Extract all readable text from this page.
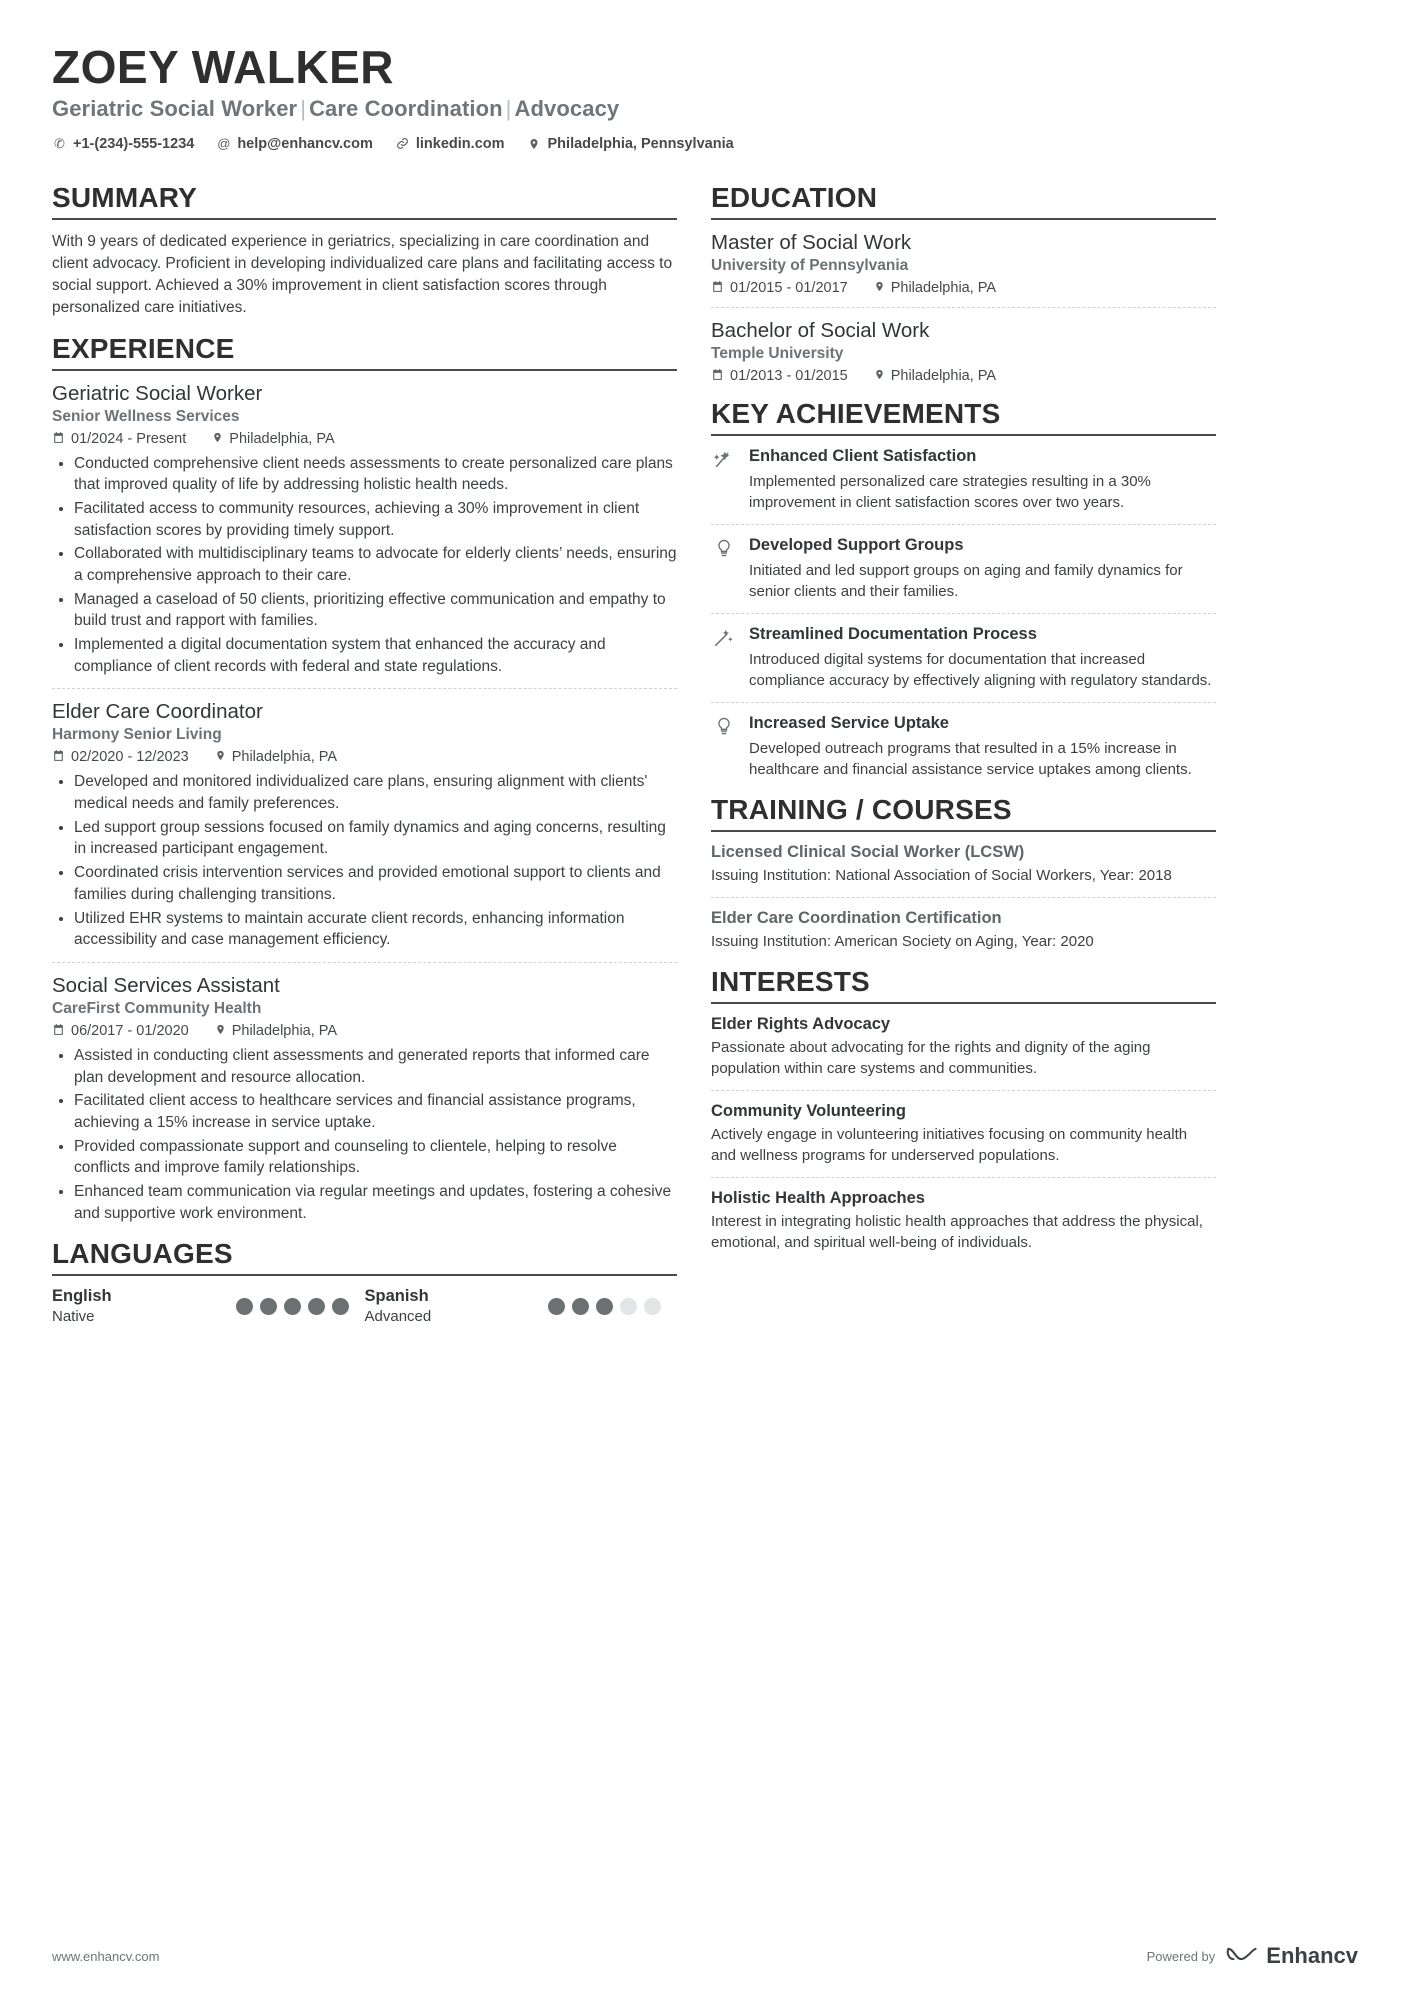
ZOEY WALKER
Geriatric Social Worker | Care Coordination | Advocacy
✆ +1-(234)-555-1234 @ help@enhancv.com	linkedin.com	Philadelphia, Pennsylvania
SUMMARY

With 9 years of dedicated experience in geriatrics, specializing in care coordination and client advocacy. Proficient in developing individualized care plans and facilitating access to social support. Achieved a 30% improvement in client satisfaction scores through personalized care initiatives.

EXPERIENCE
Geriatric Social Worker
Senior Wellness Services
01/2024 - Present	Philadelphia, PA
• Conducted comprehensive client needs assessments to create personalized care plans that improved quality of life by addressing holistic health needs.
• Facilitated access to community resources, achieving a 30% improvement in client satisfaction scores by providing timely support.
• Collaborated with multidisciplinary teams to advocate for elderly clients’ needs, ensuring a comprehensive approach to their care.
• Managed a caseload of 50 clients, prioritizing effective communication and empathy to build trust and rapport with families.
• Implemented a digital documentation system that enhanced the accuracy and compliance of client records with federal and state regulations.
Elder Care Coordinator
Harmony Senior Living
02/2020 - 12/2023	Philadelphia, PA
• Developed and monitored individualized care plans, ensuring alignment with clients' medical needs and family preferences.
• Led support group sessions focused on family dynamics and aging concerns, resulting in increased participant engagement.
• Coordinated crisis intervention services and provided emotional support to clients and families during challenging transitions.
• Utilized EHR systems to maintain accurate client records, enhancing information accessibility and case management efficiency.
Social Services Assistant
CareFirst Community Health
06/2017 - 01/2020	Philadelphia, PA
• Assisted in conducting client assessments and generated reports that informed care plan development and resource allocation.
• Facilitated client access to healthcare services and financial assistance programs, achieving a 15% increase in service uptake.
• Provided compassionate support and counseling to clientele, helping to resolve conflicts and improve family relationships.
• Enhanced team communication via regular meetings and updates, fostering a cohesive and supportive work environment.
LANGUAGES
English
Native
Spanish
Advanced
EDUCATION
Master of Social Work
University of Pennsylvania
01/2015 - 01/2017	Philadelphia, PA
Bachelor of Social Work
Temple University
01/2013 - 01/2015	Philadelphia, PA
KEY ACHIEVEMENTS
Enhanced Client Satisfaction

Implemented personalized care strategies resulting in a 30% improvement in client satisfaction scores over two years.

Developed Support Groups

Initiated and led support groups on aging and family dynamics for senior clients and their families.

Streamlined Documentation Process

Introduced digital systems for documentation that increased compliance accuracy by effectively aligning with regulatory standards.

Increased Service Uptake

Developed outreach programs that resulted in a 15% increase in healthcare and financial assistance service uptakes among clients.

TRAINING / COURSES
Licensed Clinical Social Worker (LCSW)

Issuing Institution: National Association of Social Workers, Year: 2018

Elder Care Coordination Certification

Issuing Institution: American Society on Aging, Year: 2020

INTERESTS
Elder Rights Advocacy

Passionate about advocating for the rights and dignity of the aging population within care systems and communities.

Community Volunteering

Actively engage in volunteering initiatives focusing on community health and wellness programs for underserved populations.

Holistic Health Approaches

Interest in integrating holistic health approaches that address the physical, emotional, and spiritual well-being of individuals.

www.enhancv.com	Powered by Enhancv
